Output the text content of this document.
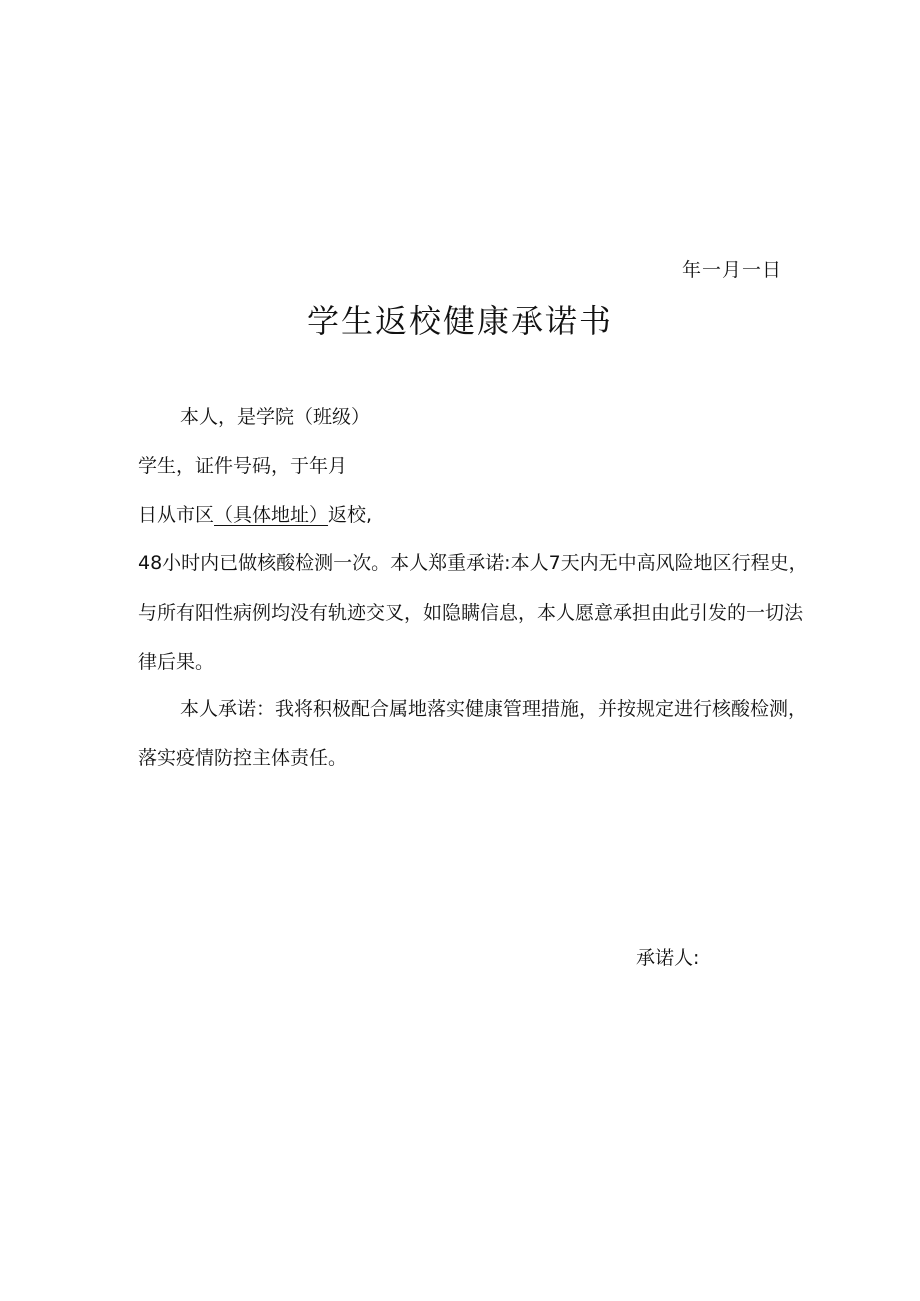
年一月一日
学生返校健康承诺书
本人，是学院（班级）
学生，证件号码，于年月
日从市区（具体地址）返校,
48小时内已做核酸检测一次。本人郑重承诺:本人7天内无中高风险地区行程史，
与所有阳性病例均没有轨迹交叉，如隐瞒信息，本人愿意承担由此引发的一切法
律后果。
本人承诺：我将积极配合属地落实健康管理措施，并按规定进行核酸检测，
落实疫情防控主体责任。
承诺人:
